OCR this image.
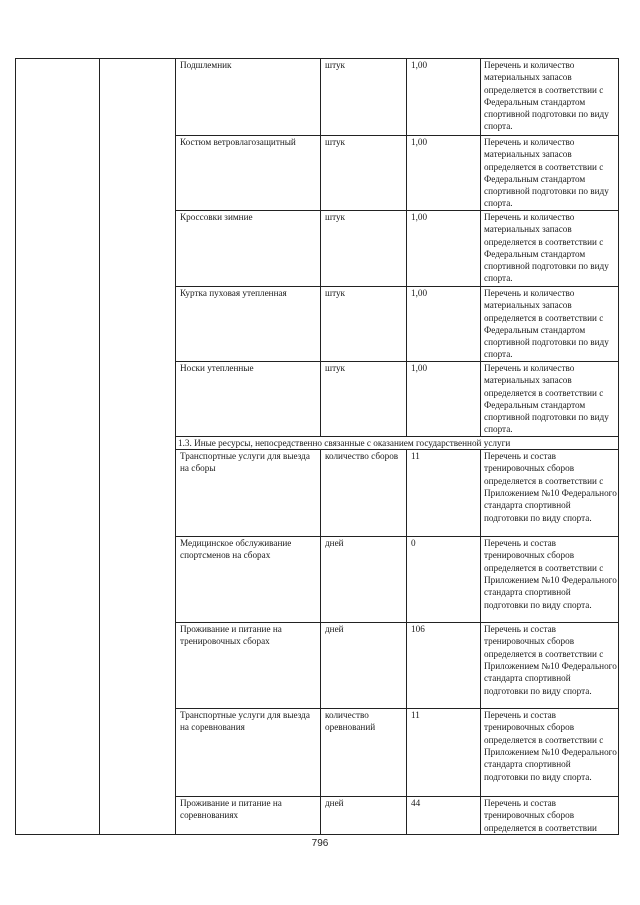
		Подшлемник	штук	1,00	Перечень и количество материальных запасов определяется в соответствии с Федеральным стандартом спортивной подготовки по виду спорта.
		Костюм ветровлагозащитный	штук	1,00	Перечень и количество материальных запасов определяется в соответствии с Федеральным стандартом спортивной подготовки по виду спорта.
		Кроссовки зимние	штук	1,00	Перечень и количество материальных запасов определяется в соответствии с Федеральным стандартом спортивной подготовки по виду спорта.
		Куртка пуховая утепленная	штук	1,00	Перечень и количество материальных запасов определяется в соответствии с Федеральным стандартом спортивной подготовки по виду спорта.
		Носки утепленные	штук	1,00	Перечень и количество материальных запасов определяется в соответствии с Федеральным стандартом спортивной подготовки по виду спорта.
		1.3. Иные ресурсы, непосредственно связанные с оказанием государственной услуги			
		Транспортные услуги для выезда на сборы	количество сборов	11	Перечень и состав тренировочных сборов определяется в соответствии с Приложением №10 Федерального стандарта спортивной подготовки по виду спорта.
		Медицинское обслуживание спортсменов на сборах	дней	0	Перечень и состав тренировочных сборов определяется в соответствии с Приложением №10 Федерального стандарта спортивной подготовки по виду спорта.
		Проживание и питание на тренировочных сборах	дней	106	Перечень и состав тренировочных сборов определяется в соответствии с Приложением №10 Федерального стандарта спортивной подготовки по виду спорта.
		Транспортные услуги для выезда на соревнования	количество оревнований	11	Перечень и состав тренировочных сборов определяется в соответствии с Приложением №10 Федерального стандарта спортивной подготовки по виду спорта.
		Проживание и питание на соревнованиях	дней	44	Перечень и состав тренировочных сборов определяется в соответствии
796
